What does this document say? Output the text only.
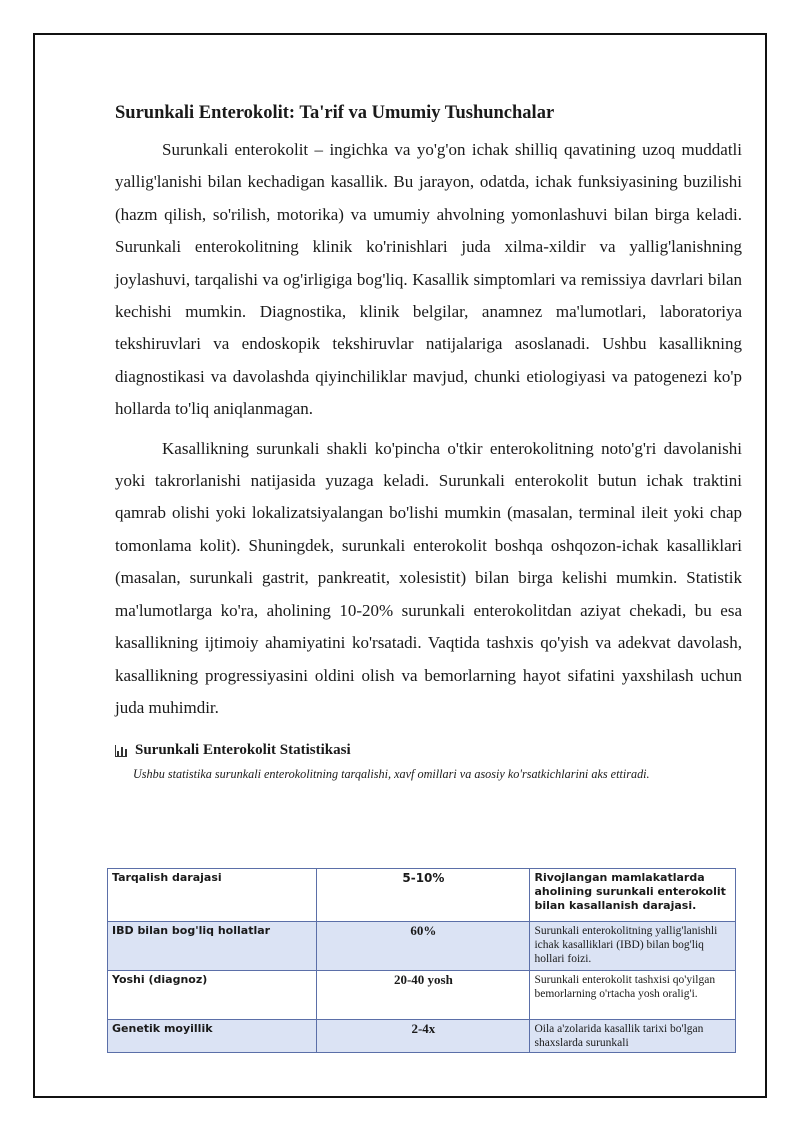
Surunkali Enterokolit: Ta'rif va Umumiy Tushunchalar

Surunkali enterokolit – ingichka va yo'g'on ichak shilliq qavatining uzoq muddatli yallig'lanishi bilan kechadigan kasallik. Bu jarayon, odatda, ichak funksiyasining buzilishi (hazm qilish, so'rilish, motorika) va umumiy ahvolning yomonlashuvi bilan birga keladi. Surunkali enterokolitning klinik ko'rinishlari juda xilma-xildir va yallig'lanishning joylashuvi, tarqalishi va og'irligiga bog'liq. Kasallik simptomlari va remissiya davrlari bilan kechishi mumkin. Diagnostika, klinik belgilar, anamnez ma'lumotlari, laboratoriya tekshiruvlari va endoskopik tekshiruvlar natijalariga asoslanadi. Ushbu kasallikning diagnostikasi va davolashda qiyinchiliklar mavjud, chunki etiologiyasi va patogenezi ko'p hollarda to'liq aniqlanmagan.

Kasallikning surunkali shakli ko'pincha o'tkir enterokolitning noto'g'ri davolanishi yoki takrorlanishi natijasida yuzaga keladi. Surunkali enterokolit butun ichak traktini qamrab olishi yoki lokalizatsiyalangan bo'lishi mumkin (masalan, terminal ileit yoki chap tomonlama kolit). Shuningdek, surunkali enterokolit boshqa oshqozon-ichak kasalliklari (masalan, surunkali gastrit, pankreatit, xolesistit) bilan birga kelishi mumkin. Statistik ma'lumotlarga ko'ra, aholining 10-20% surunkali enterokolitdan aziyat chekadi, bu esa kasallikning ijtimoiy ahamiyatini ko'rsatadi. Vaqtida tashxis qo'yish va adekvat davolash, kasallikning progressiyasini oldini olish va bemorlarning hayot sifatini yaxshilash uchun juda muhimdir.

Surunkali Enterokolit Statistikasi
Ushbu statistika surunkali enterokolitning tarqalishi, xavf omillari va asosiy ko'rsatkichlarini aks ettiradi.
Tarqalish darajasi	5-10%	Rivojlangan mamlakatlarda aholining surunkali enterokolit bilan kasallanish darajasi.
IBD bilan bog'liq hollatlar	60%	Surunkali enterokolitning yallig'lanishli ichak kasalliklari (IBD) bilan bog'liq hollari foizi.
Yoshi (diagnoz)	20-40 yosh	Surunkali enterokolit tashxisi qo'yilgan bemorlarning o'rtacha yosh oralig'i.
Genetik moyillik	2-4x	Oila a'zolarida kasallik tarixi bo'lgan shaxslarda surunkali
